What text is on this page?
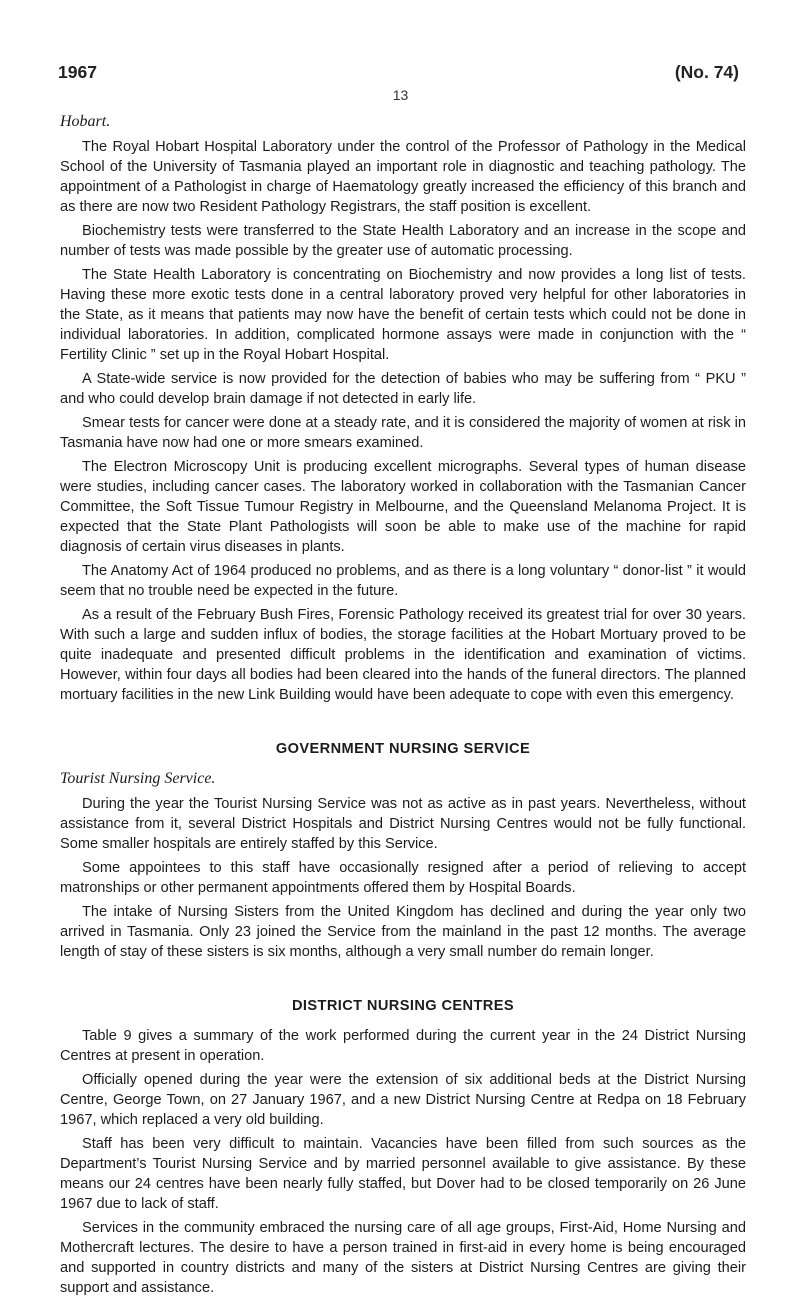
1967	(No. 74)
13
Hobart.

The Royal Hobart Hospital Laboratory under the control of the Professor of Pathology in the Medical School of the University of Tasmania played an important role in diagnostic and teaching pathology. The appointment of a Pathologist in charge of Haematology greatly increased the efficiency of this branch and as there are now two Resident Pathology Registrars, the staff position is excellent.

Biochemistry tests were transferred to the State Health Laboratory and an increase in the scope and number of tests was made possible by the greater use of automatic processing.

The State Health Laboratory is concentrating on Biochemistry and now provides a long list of tests. Having these more exotic tests done in a central laboratory proved very helpful for other laboratories in the State, as it means that patients may now have the benefit of certain tests which could not be done in individual laboratories. In addition, complicated hormone assays were made in conjunction with the “ Fertility Clinic ” set up in the Royal Hobart Hospital.

A State-wide service is now provided for the detection of babies who may be suffering from “ PKU ” and who could develop brain damage if not detected in early life.

Smear tests for cancer were done at a steady rate, and it is considered the majority of women at risk in Tasmania have now had one or more smears examined.

The Electron Microscopy Unit is producing excellent micrographs. Several types of human disease were studies, including cancer cases. The laboratory worked in collaboration with the Tasmanian Cancer Committee, the Soft Tissue Tumour Registry in Melbourne, and the Queensland Melanoma Project. It is expected that the State Plant Pathologists will soon be able to make use of the machine for rapid diagnosis of certain virus diseases in plants.

The Anatomy Act of 1964 produced no problems, and as there is a long voluntary “ donor-list ” it would seem that no trouble need be expected in the future.

As a result of the February Bush Fires, Forensic Pathology received its greatest trial for over 30 years. With such a large and sudden influx of bodies, the storage facilities at the Hobart Mortuary proved to be quite inadequate and presented difficult problems in the identification and examination of victims. However, within four days all bodies had been cleared into the hands of the funeral directors. The planned mortuary facilities in the new Link Building would have been adequate to cope with even this emergency.

GOVERNMENT NURSING SERVICE
Tourist Nursing Service.

During the year the Tourist Nursing Service was not as active as in past years. Nevertheless, without assistance from it, several District Hospitals and District Nursing Centres would not be fully functional. Some smaller hospitals are entirely staffed by this Service.

Some appointees to this staff have occasionally resigned after a period of relieving to accept matronships or other permanent appointments offered them by Hospital Boards.

The intake of Nursing Sisters from the United Kingdom has declined and during the year only two arrived in Tasmania. Only 23 joined the Service from the mainland in the past 12 months. The average length of stay of these sisters is six months, although a very small number do remain longer.

DISTRICT NURSING CENTRES

Table 9 gives a summary of the work performed during the current year in the 24 District Nursing Centres at present in operation.

Officially opened during the year were the extension of six additional beds at the District Nursing Centre, George Town, on 27 January 1967, and a new District Nursing Centre at Redpa on 18 February 1967, which replaced a very old building.

Staff has been very difficult to maintain. Vacancies have been filled from such sources as the Department’s Tourist Nursing Service and by married personnel available to give assistance. By these means our 24 centres have been nearly fully staffed, but Dover had to be closed temporarily on 26 June 1967 due to lack of staff.

Services in the community embraced the nursing care of all age groups, First-Aid, Home Nursing and Mothercraft lectures. The desire to have a person trained in first-aid in every home is being encouraged and supported in country districts and many of the sisters at District Nursing Centres are giving their support and assistance.
